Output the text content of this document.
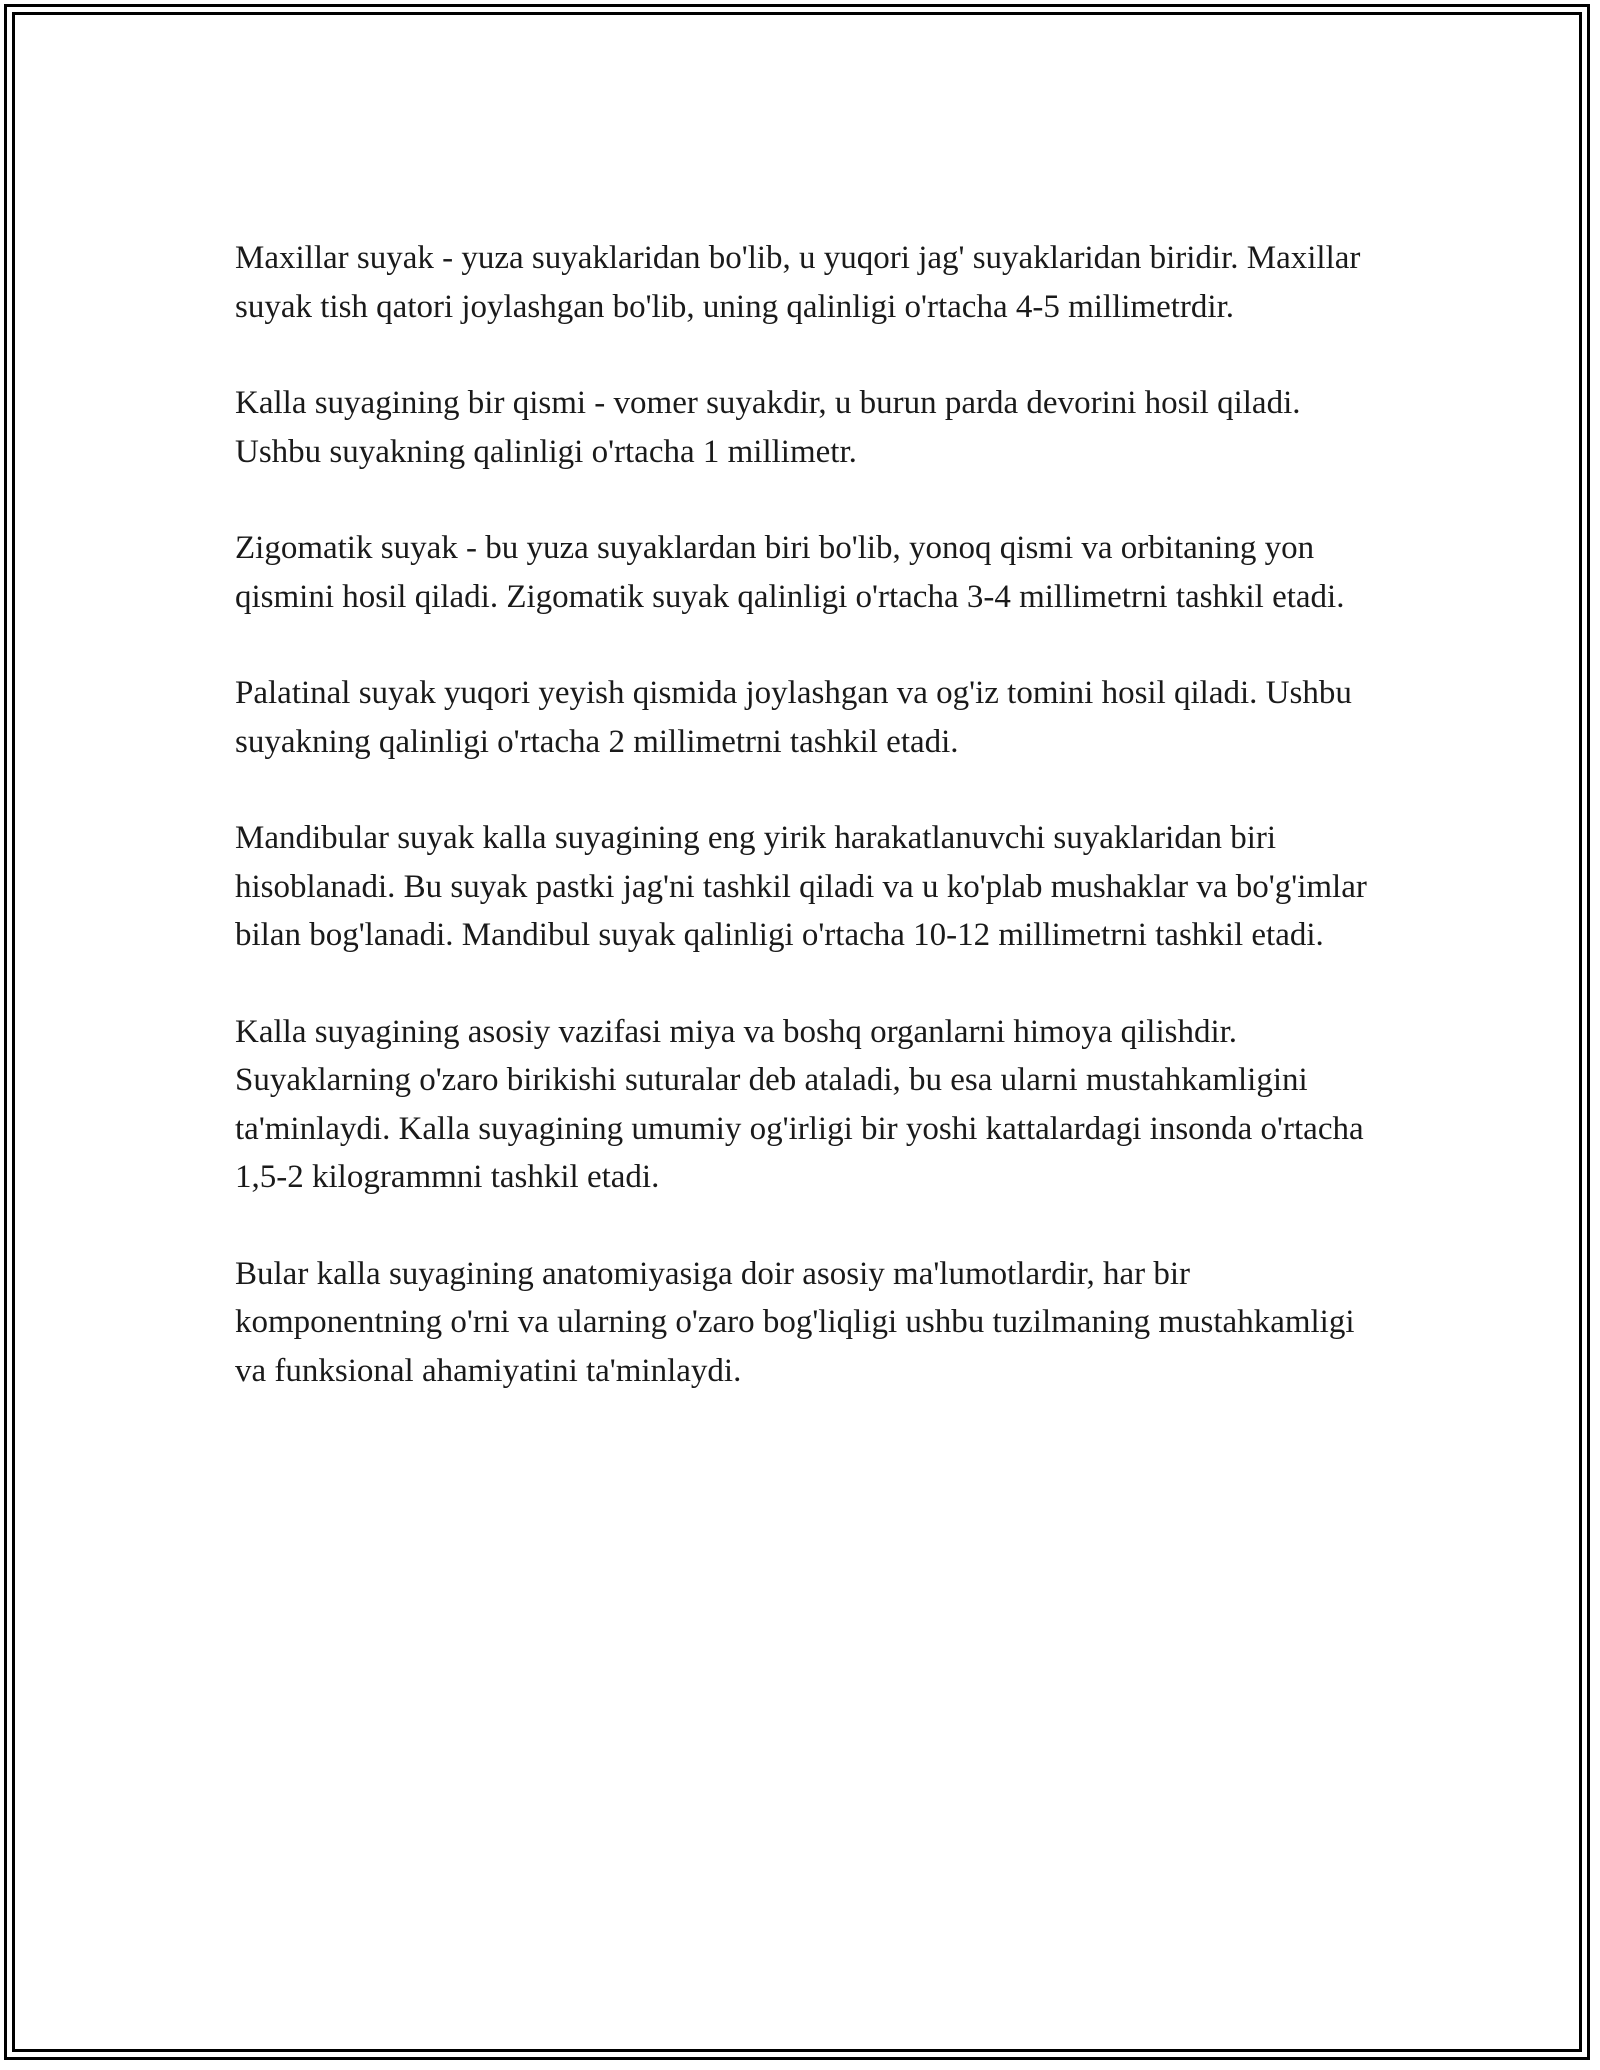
Maxillar suyak - yuza suyaklaridan bo'lib, u yuqori jag' suyaklaridan biridir. Maxillar suyak tish qatori joylashgan bo'lib, uning qalinligi o'rtacha 4-5 millimetrdir.

Kalla suyagining bir qismi - vomer suyakdir, u burun parda devorini hosil qiladi. Ushbu suyakning qalinligi o'rtacha 1 millimetr.

Zigomatik suyak - bu yuza suyaklardan biri bo'lib, yonoq qismi va orbitaning yon qismini hosil qiladi. Zigomatik suyak qalinligi o'rtacha 3-4 millimetrni tashkil etadi.

Palatinal suyak yuqori yeyish qismida joylashgan va og'iz tomini hosil qiladi. Ushbu suyakning qalinligi o'rtacha 2 millimetrni tashkil etadi.

Mandibular suyak kalla suyagining eng yirik harakatlanuvchi suyaklaridan biri hisoblanadi. Bu suyak pastki jag'ni tashkil qiladi va u ko'plab mushaklar va bo'g'imlar bilan bog'lanadi. Mandibul suyak qalinligi o'rtacha 10-12 millimetrni tashkil etadi.

Kalla suyagining asosiy vazifasi miya va boshq organlarni himoya qilishdir. Suyaklarning o'zaro birikishi suturalar deb ataladi, bu esa ularni mustahkamligini ta'minlaydi. Kalla suyagining umumiy og'irligi bir yoshi kattalardagi insonda o'rtacha 1,5-2 kilogrammni tashkil etadi.

Bular kalla suyagining anatomiyasiga doir asosiy ma'lumotlardir, har bir komponentning o'rni va ularning o'zaro bog'liqligi ushbu tuzilmaning mustahkamligi va funksional ahamiyatini ta'minlaydi.
